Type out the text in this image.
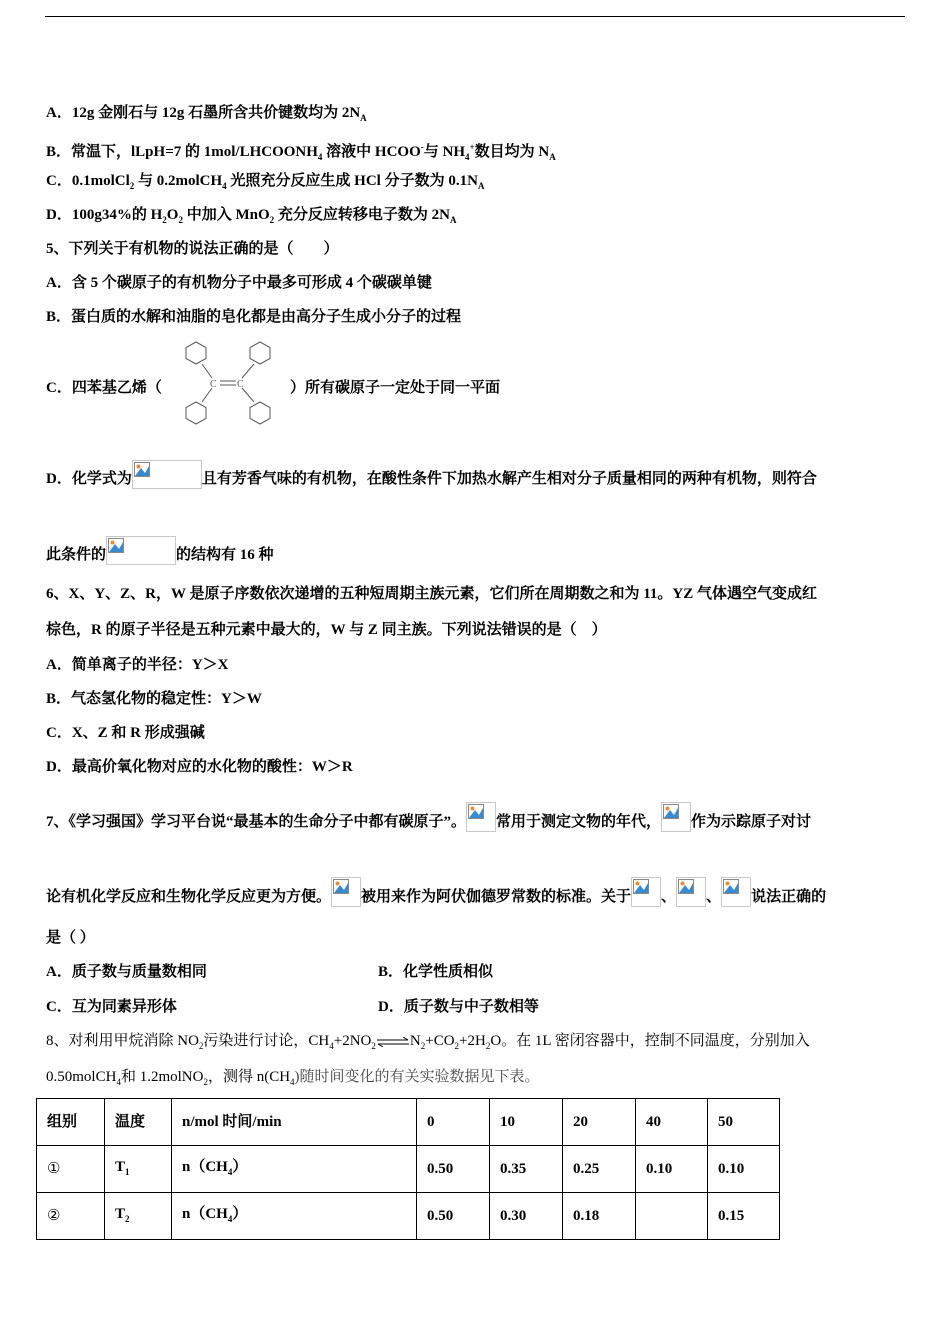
A．12g 金刚石与 12g 石墨所含共价键数均为 $2N_A$
B．常温下，lLpH=7 的 $1mol/LHCOONH_4$ 溶液中 HCOO-与 $NH_4^+$数目均为 $N_A$
C．0.1molCl$_2$ 与 0.2molCH$_4$ 光照充分反应生成 HCl 分子数为 $0.1N_A$
D．100g34%的 $H_2O_2$ 中加入 MnO$_2$ 充分反应转移电子数为 $2N_A$
5、下列关于有机物的说法正确的是（　　）
A．含 5 个碳原子的有机物分子中最多可形成 4 个碳碳单键
B．蛋白质的水解和油脂的皂化都是由高分子生成小分子的过程
C．四苯基乙烯（	C C	）所有碳原子一定处于同一平面
D．化学式为	且有芳香气味的有机物，在酸性条件下加热水解产生相对分子质量相同的两种有机物，则符合
此条件的	的结构有 16 种
6、X、Y、Z、R，W 是原子序数依次递增的五种短周期主族元素，它们所在周期数之和为 11。YZ 气体遇空气变成红
棕色，R 的原子半径是五种元素中最大的，W 与 Z 同主族。下列说法错误的是（　）
A．简单离子的半径：Y＞X
B．气态氢化物的稳定性：Y＞W
C．X、Z 和 R 形成强碱
D．最高价氧化物对应的水化物的酸性：W＞R
7、《学习强国》学习平台说“最基本的生命分子中都有碳原子”。 常用于测定文物的年代， 作为示踪原子对讨
论有机化学反应和生物化学反应更为方便。 被用来作为阿伏伽德罗常数的标准。关于 、 、 说法正确的
是（ ）
A．质子数与质量数相同	B．化学性质相似
C．互为同素异形体	D．质子数与中子数相等
8、对利用甲烷消除 $NO_2$污染进行讨论，$CH_4+2NO_2\rightleftharpoons N_2+CO_2+2H_2O$。在 1L 密闭容器中，控制不同温度，分别加入
0.50molCH$_4$和 1.2molNO$_2$，测得 $n(CH_4)$随时间变化的有关实验数据见下表。
组别	温度	n/mol 时间/min	0	10	20	40	50
①	$T_1$	$n(CH_4)$	0.50	0.35	0.25	0.10	0.10
②	$T_2$	$n(CH_4)$	0.50	0.30	0.18		0.15
